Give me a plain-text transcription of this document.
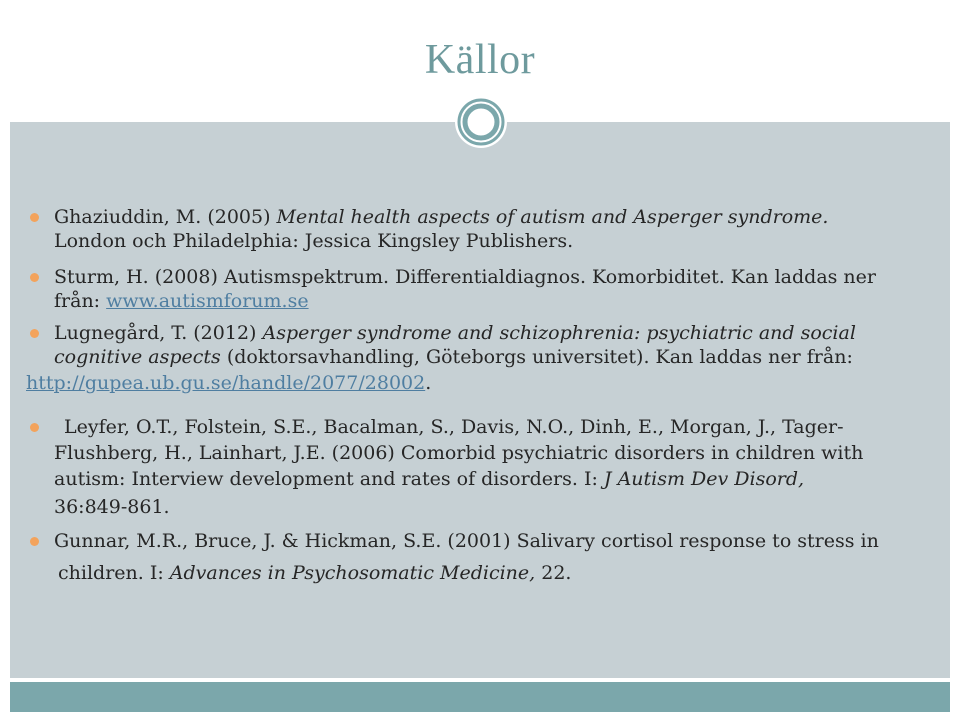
Källor
Ghaziuddin, M. (2005) Mental health aspects of autism and Asperger syndrome.
London och Philadelphia: Jessica Kingsley Publishers.
Sturm, H. (2008) Autismspektrum. Differentialdiagnos. Komorbiditet. Kan laddas ner
från: www.autismforum.se
Lugnegård, T. (2012) Asperger syndrome and schizophrenia: psychiatric and social
cognitive aspects (doktorsavhandling, Göteborgs universitet). Kan laddas ner från:
http://gupea.ub.gu.se/handle/2077/28002.
Leyfer, O.T., Folstein, S.E., Bacalman, S., Davis, N.O., Dinh, E., Morgan, J., Tager-
Flushberg, H., Lainhart, J.E. (2006) Comorbid psychiatric disorders in children with
autism: Interview development and rates of disorders. I: J Autism Dev Disord,
36:849-861.
Gunnar, M.R., Bruce, J. & Hickman, S.E. (2001) Salivary cortisol response to stress in
children. I: Advances in Psychosomatic Medicine, 22.
